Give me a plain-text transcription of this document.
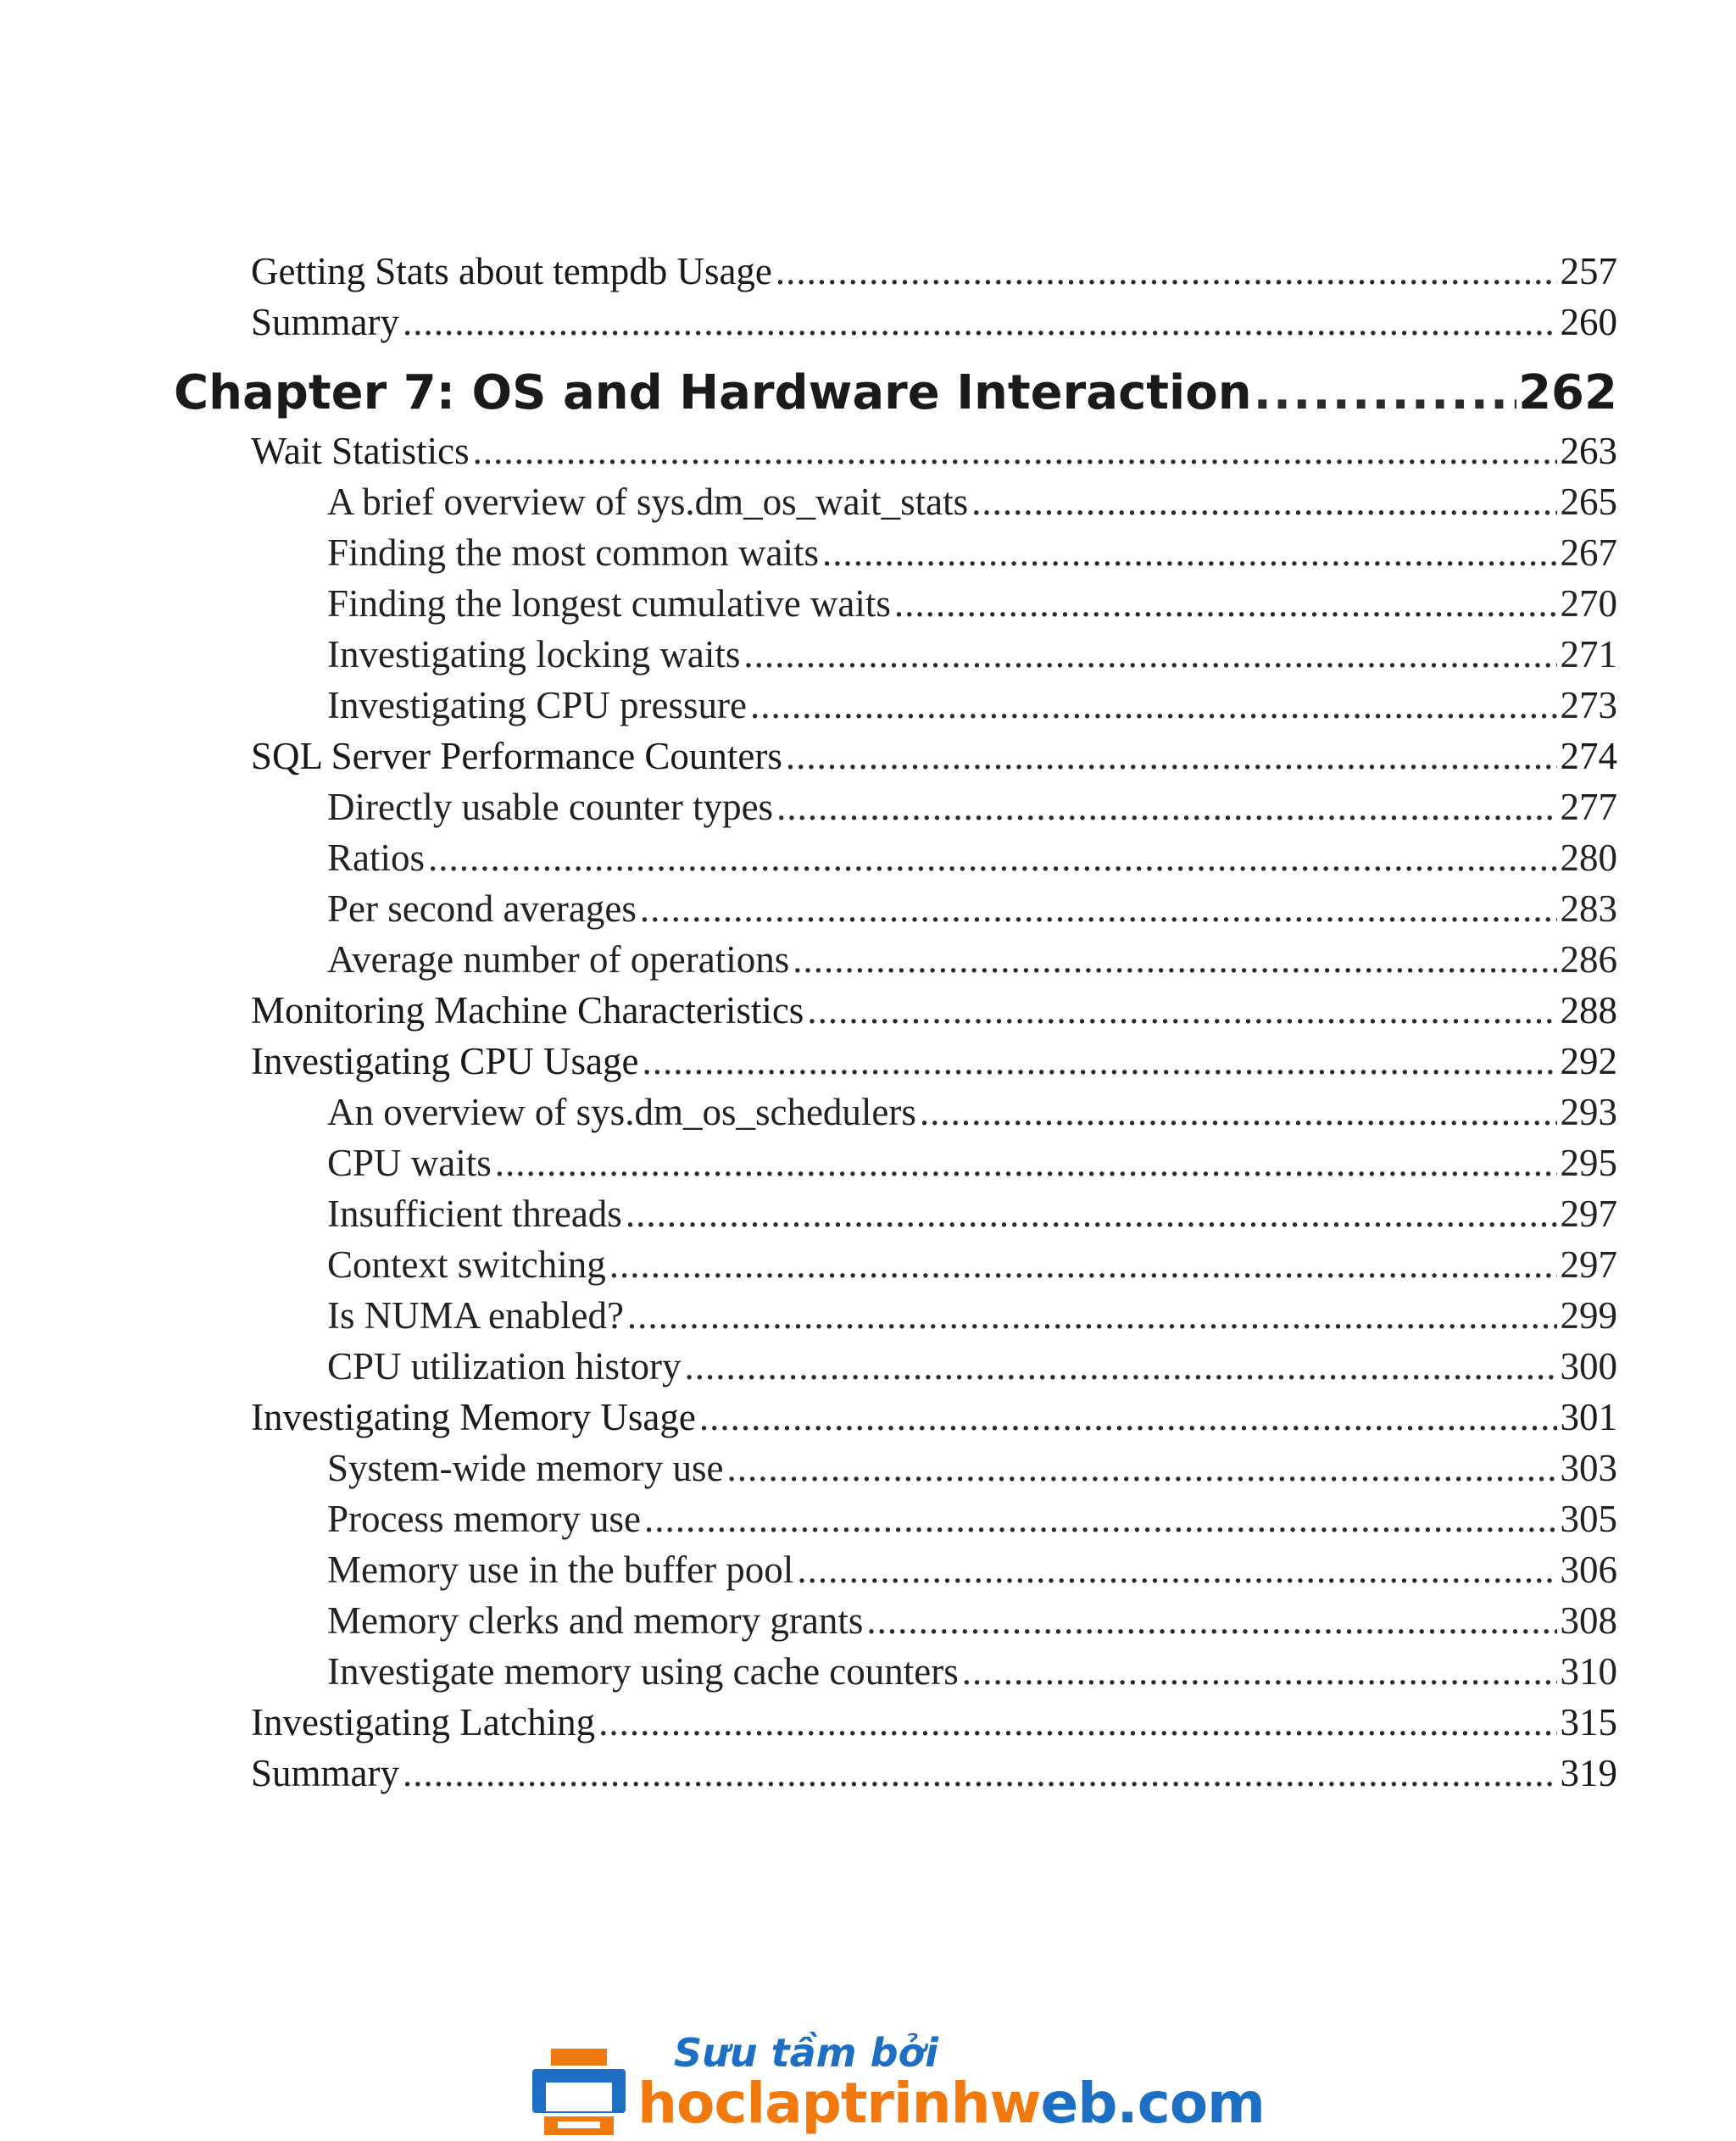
Getting Stats about tempdb Usage .....	257
Summary .....	260
Chapter 7: OS and Hardware Interaction .....	262
Wait Statistics .....	263
A brief overview of sys.dm_os_wait_stats .....	265
Finding the most common waits .....	267
Finding the longest cumulative waits .....	270
Investigating locking waits .....	271
Investigating CPU pressure .....	273
SQL Server Performance Counters .....	274
Directly usable counter types .....	277
Ratios .....	280
Per second averages .....	283
Average number of operations .....	286
Monitoring Machine Characteristics .....	288
Investigating CPU Usage .....	292
An overview of sys.dm_os_schedulers .....	293
CPU waits .....	295
Insufficient threads .....	297
Context switching .....	297
Is NUMA enabled? .....	299
CPU utilization history .....	300
Investigating Memory Usage .....	301
System-wide memory use .....	303
Process memory use .....	305
Memory use in the buffer pool .....	306
Memory clerks and memory grants .....	308
Investigate memory using cache counters .....	310
Investigating Latching .....	315
Summary .....	319
Sưu tầm bởi
hoclaptrinhweb.com
